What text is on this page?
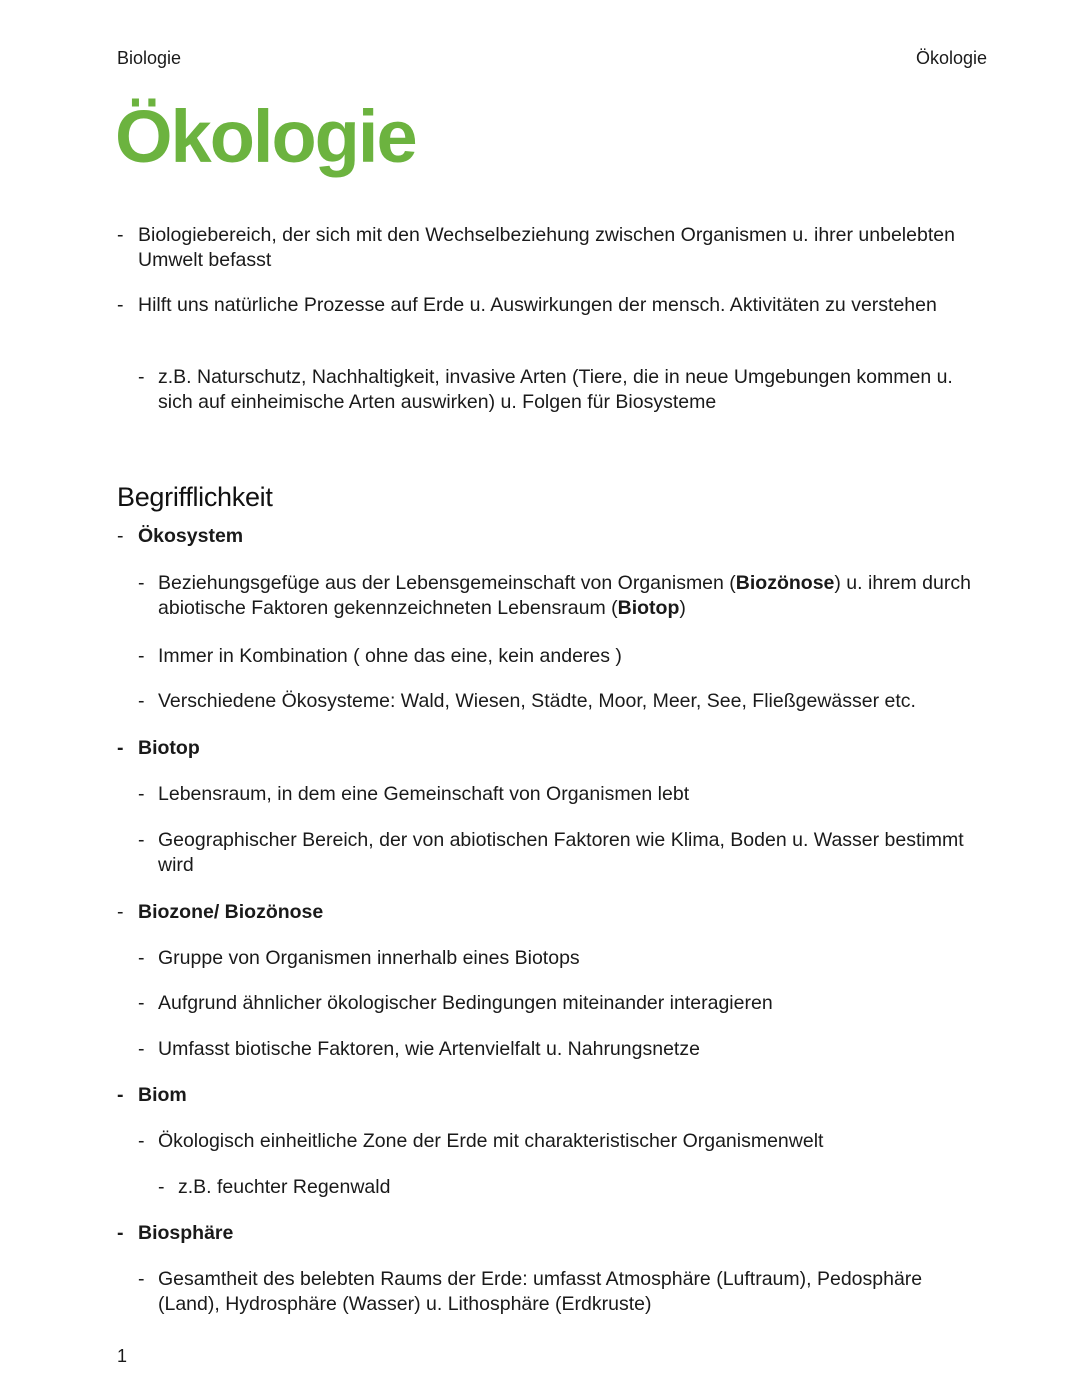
Biologie	Ökologie
Ökologie
- Biologiebereich, der sich mit den Wechselbeziehung zwischen Organismen u. ihrer unbelebten Umwelt befasst
- Hilft uns natürliche Prozesse auf Erde u. Auswirkungen der mensch. Aktivitäten zu verstehen
- z.B. Naturschutz, Nachhaltigkeit, invasive Arten (Tiere, die in neue Umgebungen kommen u. sich auf einheimische Arten auswirken) u. Folgen für Biosysteme
Begrifflichkeit
- Ökosystem
- Beziehungsgefüge aus der Lebensgemeinschaft von Organismen (Biozönose) u. ihrem durch abiotische Faktoren gekennzeichneten Lebensraum (Biotop)
- Immer in Kombination ( ohne das eine, kein anderes )
- Verschiedene Ökosysteme: Wald, Wiesen, Städte, Moor, Meer, See, Fließgewässer etc.
- Biotop
- Lebensraum, in dem eine Gemeinschaft von Organismen lebt
- Geographischer Bereich, der von abiotischen Faktoren wie Klima, Boden u. Wasser bestimmt wird
- Biozone/ Biozönose
- Gruppe von Organismen innerhalb eines Biotops
- Aufgrund ähnlicher ökologischer Bedingungen miteinander interagieren
- Umfasst biotische Faktoren, wie Artenvielfalt u. Nahrungsnetze
- Biom
- Ökologisch einheitliche Zone der Erde mit charakteristischer Organismenwelt
- z.B. feuchter Regenwald
- Biosphäre
- Gesamtheit des belebten Raums der Erde: umfasst Atmosphäre (Luftraum), Pedosphäre (Land), Hydrosphäre (Wasser) u. Lithosphäre (Erdkruste)
1
